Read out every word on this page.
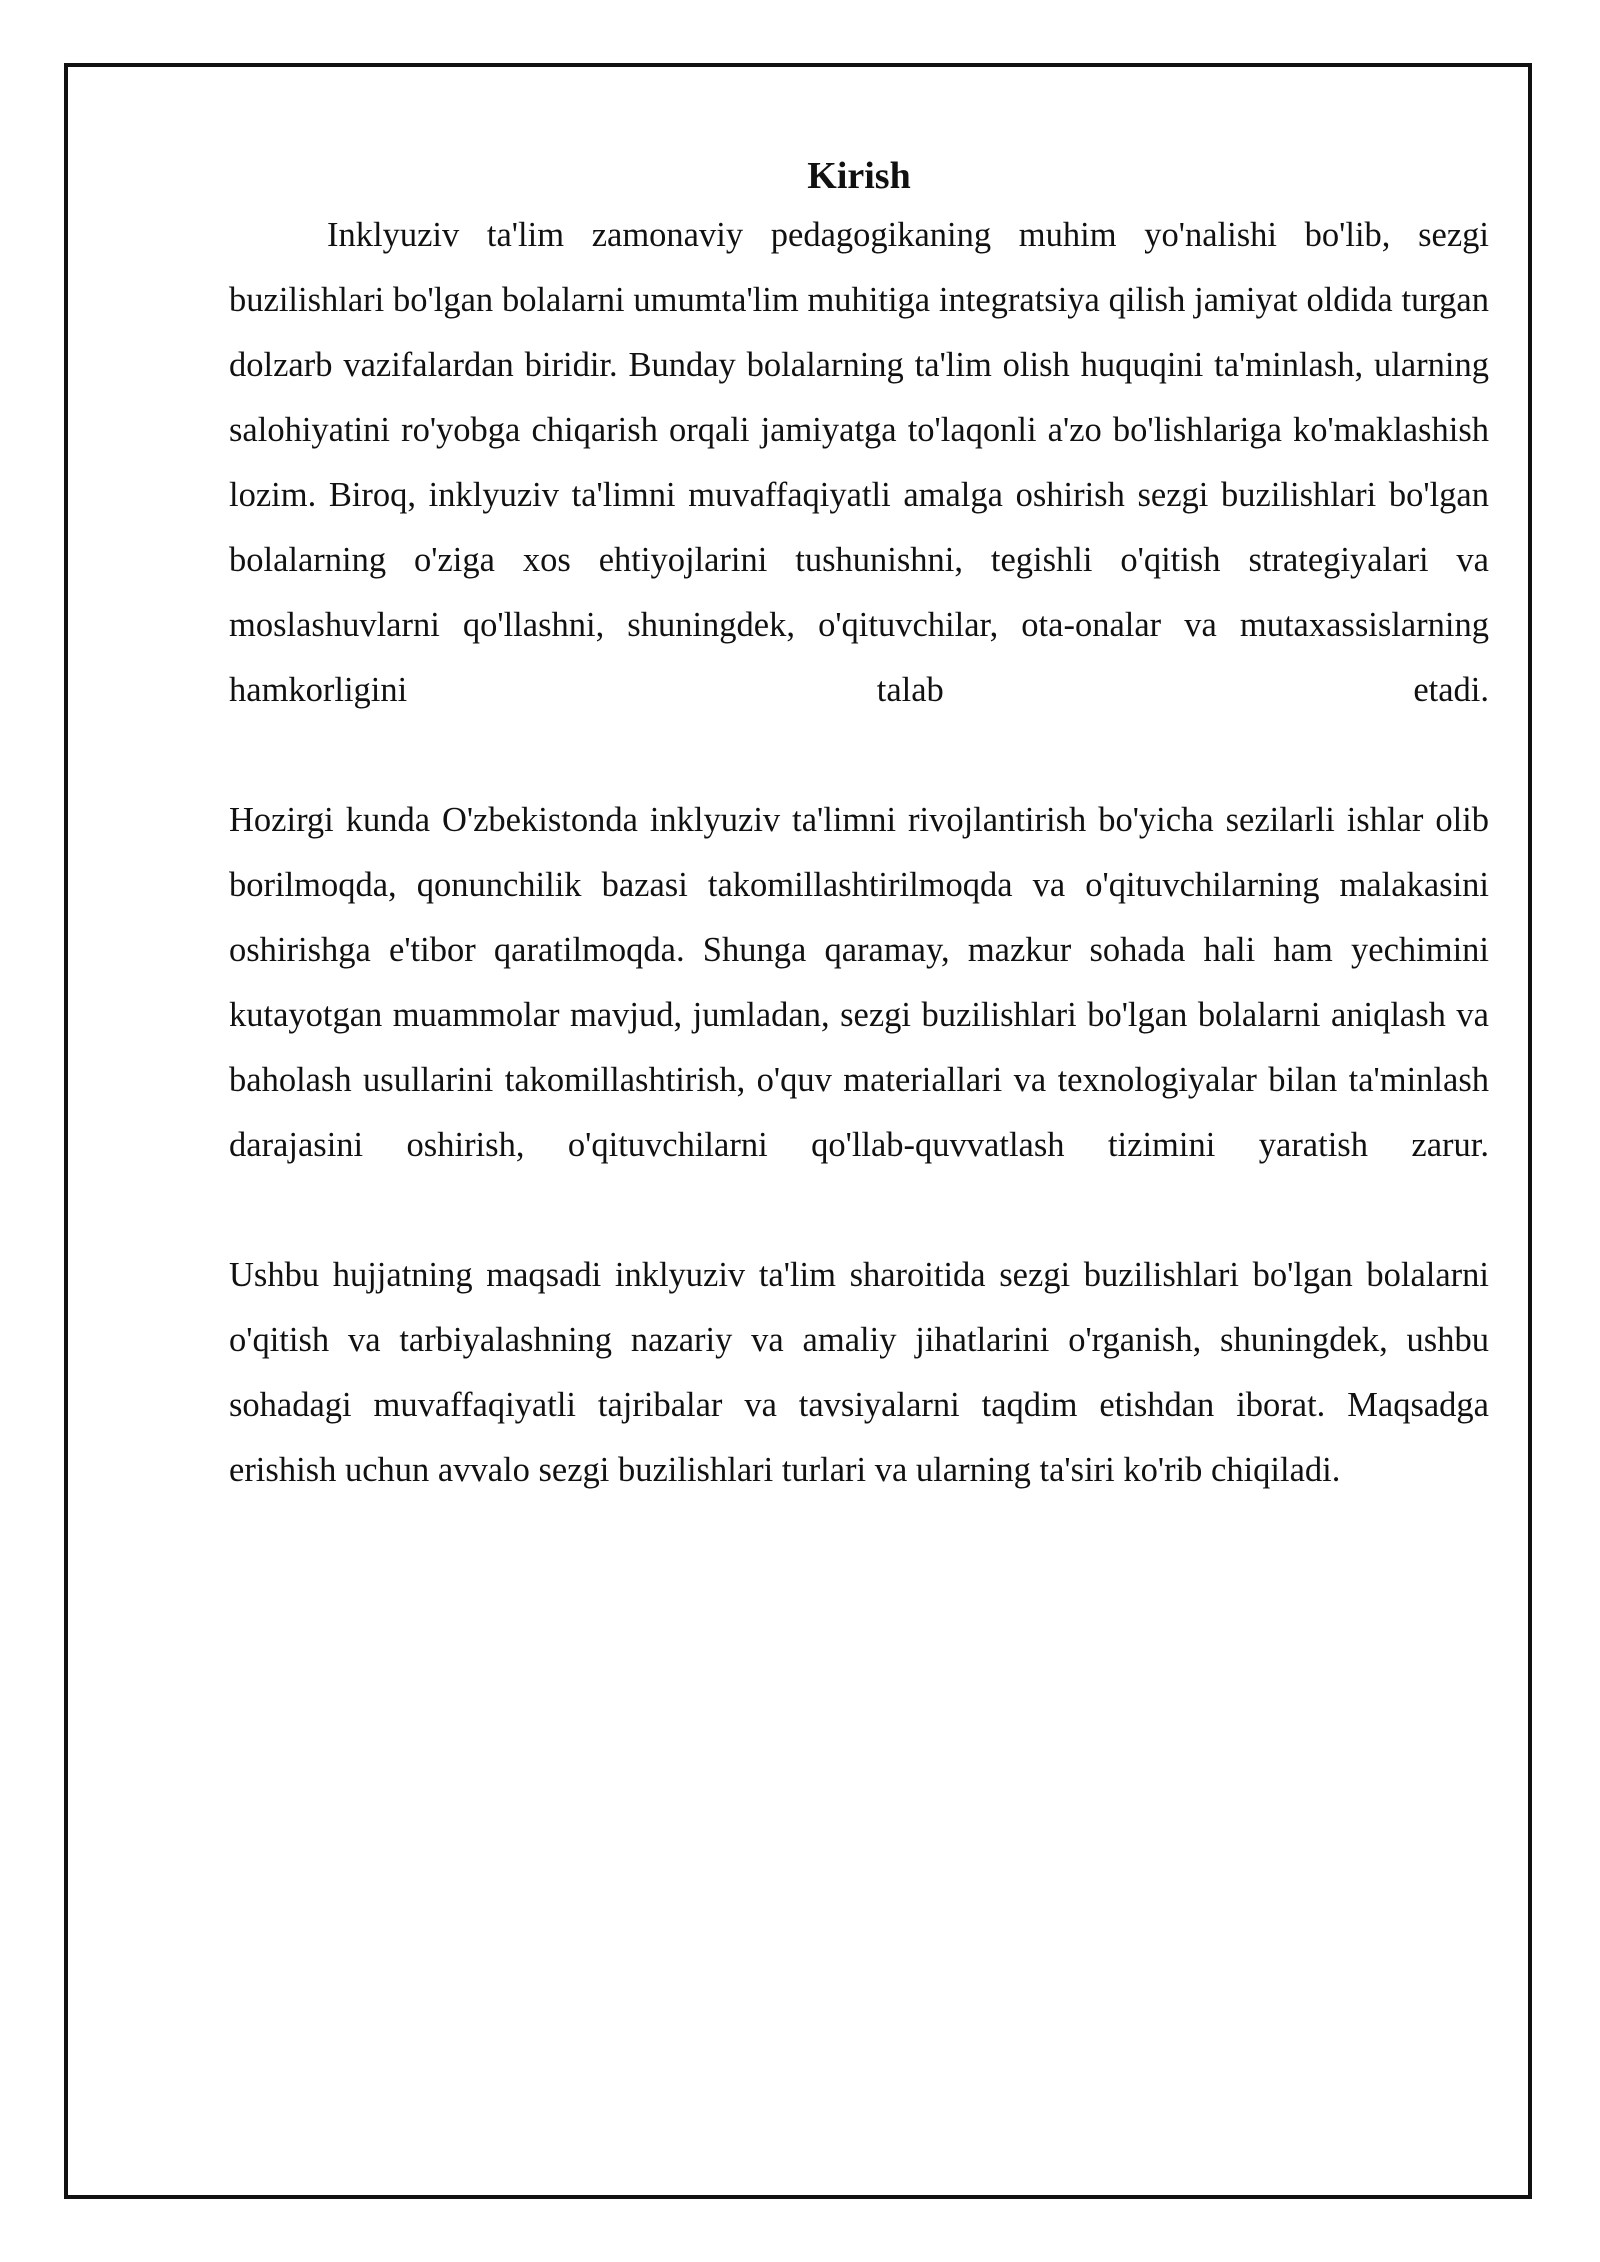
Kirish

Inklyuziv ta'lim zamonaviy pedagogikaning muhim yo'nalishi bo'lib, sezgi buzilishlari bo'lgan bolalarni umumta'lim muhitiga integratsiya qilish jamiyat oldida turgan dolzarb vazifalardan biridir. Bunday bolalarning ta'lim olish huquqini ta'minlash, ularning salohiyatini ro'yobga chiqarish orqali jamiyatga to'laqonli a'zo bo'lishlariga ko'maklashish lozim. Biroq, inklyuziv ta'limni muvaffaqiyatli amalga oshirish sezgi buzilishlari bo'lgan bolalarning o'ziga xos ehtiyojlarini tushunishni, tegishli o'qitish strategiyalari va moslashuvlarni qo'llashni, shuningdek, o'qituvchilar, ota-onalar va mutaxassislarning hamkorligini talab etadi.

Hozirgi kunda O'zbekistonda inklyuziv ta'limni rivojlantirish bo'yicha sezilarli ishlar olib borilmoqda, qonunchilik bazasi takomillashtirilmoqda va o'qituvchilarning malakasini oshirishga e'tibor qaratilmoqda. Shunga qaramay, mazkur sohada hali ham yechimini kutayotgan muammolar mavjud, jumladan, sezgi buzilishlari bo'lgan bolalarni aniqlash va baholash usullarini takomillashtirish, o'quv materiallari va texnologiyalar bilan ta'minlash darajasini oshirish, o'qituvchilarni qo'llab-quvvatlash tizimini yaratish zarur.

Ushbu hujjatning maqsadi inklyuziv ta'lim sharoitida sezgi buzilishlari bo'lgan bolalarni o'qitish va tarbiyalashning nazariy va amaliy jihatlarini o'rganish, shuningdek, ushbu sohadagi muvaffaqiyatli tajribalar va tavsiyalarni taqdim etishdan iborat. Maqsadga erishish uchun avvalo sezgi buzilishlari turlari va ularning ta'siri ko'rib chiqiladi.
